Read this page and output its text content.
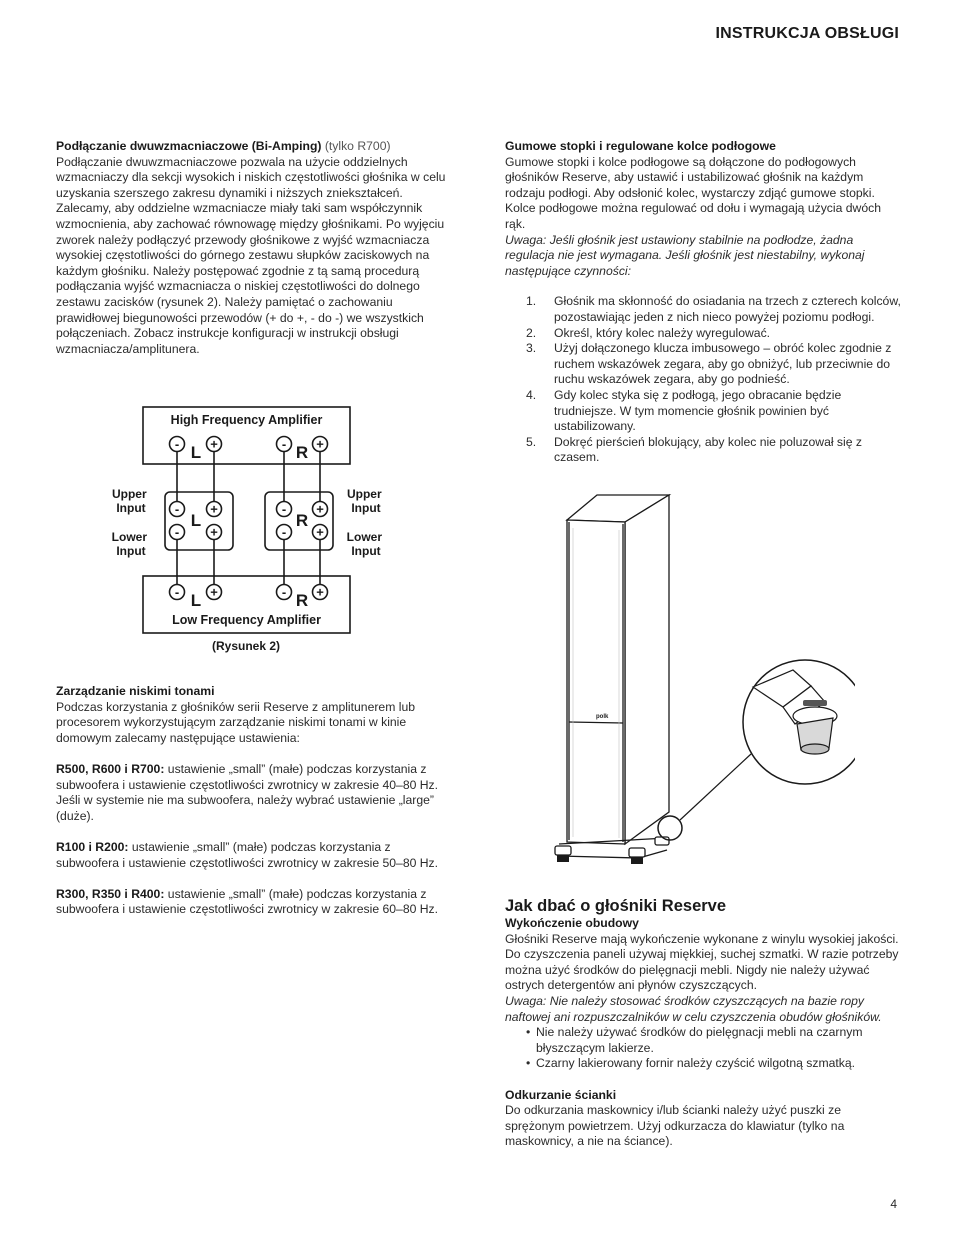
INSTRUKCJA OBSŁUGI

Podłączanie dwuwzmacniaczowe (Bi-Amping) (tylko R700)

Podłączanie dwuwzmacniaczowe pozwala na użycie oddzielnych wzmacniaczy dla sekcji wysokich i niskich częstotliwości głośnika w celu uzyskania szerszego zakresu dynamiki i niższych zniekształceń. Zalecamy, aby oddzielne wzmacniacze miały taki sam współczynnik wzmocnienia, aby zachować równowagę między głośnikami. Po wyjęciu zworek należy podłączyć przewody głośnikowe z wyjść wzmacniacza wysokiej częstotliwości do górnego zestawu słupków zaciskowych na każdym głośniku. Należy postępować zgodnie z tą samą procedurą podłączania wyjść wzmacniacza o niskiej częstotliwości do dolnego zestawu zacisków (rysunek 2). Należy pamiętać o zachowaniu prawidłowej biegunowości przewodów (+ do +, - do -) we wszystkich połączeniach. Zobacz instrukcje konfiguracji w instrukcji obsługi wzmacniacza/amplitunera.

High Frequency Amplifier
Low Frequency Amplifier
- +	- +
- +	- +
- +	- +
- +	- +
L	R
L	R
L	R
Upper Input
Lower Input
Upper Input
Lower Input
(Rysunek 2)

Zarządzanie niskimi tonami

Podczas korzystania z głośników serii Reserve z amplitunerem lub procesorem wykorzystującym zarządzanie niskimi tonami w kinie domowym zalecamy następujące ustawienia:

R500, R600 i R700: ustawienie „small” (małe) podczas korzystania z subwoofera i ustawienie częstotliwości zwrotnicy w zakresie 40–80 Hz. Jeśli w systemie nie ma subwoofera, należy wybrać ustawienie „large” (duże).

R100 i R200: ustawienie „small” (małe) podczas korzystania z subwoofera i ustawienie częstotliwości zwrotnicy w zakresie 50–80 Hz.

R300, R350 i R400: ustawienie „small” (małe) podczas korzystania z subwoofera i ustawienie częstotliwości zwrotnicy w zakresie 60–80 Hz.

Gumowe stopki i regulowane kolce podłogowe

Gumowe stopki i kolce podłogowe są dołączone do podłogowych głośników Reserve, aby ustawić i ustabilizować głośnik na każdym rodzaju podłogi. Aby odsłonić kolec, wystarczy zdjąć gumowe stopki. Kolce podłogowe można regulować od dołu i wymagają użycia dwóch rąk.

Uwaga: Jeśli głośnik jest ustawiony stabilnie na podłodze, żadna regulacja nie jest wymagana. Jeśli głośnik jest niestabilny, wykonaj następujące czynności:

1. Głośnik ma skłonność do osiadania na trzech z czterech kolców, pozostawiając jeden z nich nieco powyżej poziomu podłogi.
2. Określ, który kolec należy wyregulować.
3. Użyj dołączonego klucza imbusowego – obróć kolec zgodnie z ruchem wskazówek zegara, aby go obniżyć, lub przeciwnie do ruchu wskazówek zegara, aby go podnieść.
4. Gdy kolec styka się z podłogą, jego obracanie będzie trudniejsze. W tym momencie głośnik powinien być ustabilizowany.
5. Dokręć pierścień blokujący, aby kolec nie poluzował się z czasem.
polk

Jak dbać o głośniki Reserve

Wykończenie obudowy

Głośniki Reserve mają wykończenie wykonane z winylu wysokiej jakości. Do czyszczenia paneli używaj miękkiej, suchej szmatki. W razie potrzeby można użyć środków do pielęgnacji mebli. Nigdy nie należy używać ostrych detergentów ani płynów czyszczących.

Uwaga: Nie należy stosować środków czyszczących na bazie ropy naftowej ani rozpuszczalników w celu czyszczenia obudów głośników.

• Nie należy używać środków do pielęgnacji mebli na czarnym błyszczącym lakierze.
• Czarny lakierowany fornir należy czyścić wilgotną szmatką.

Odkurzanie ścianki

Do odkurzania maskownicy i/lub ścianki należy użyć puszki ze sprężonym powietrzem. Użyj odkurzacza do klawiatur (tylko na maskownicy, a nie na ściance).

4
